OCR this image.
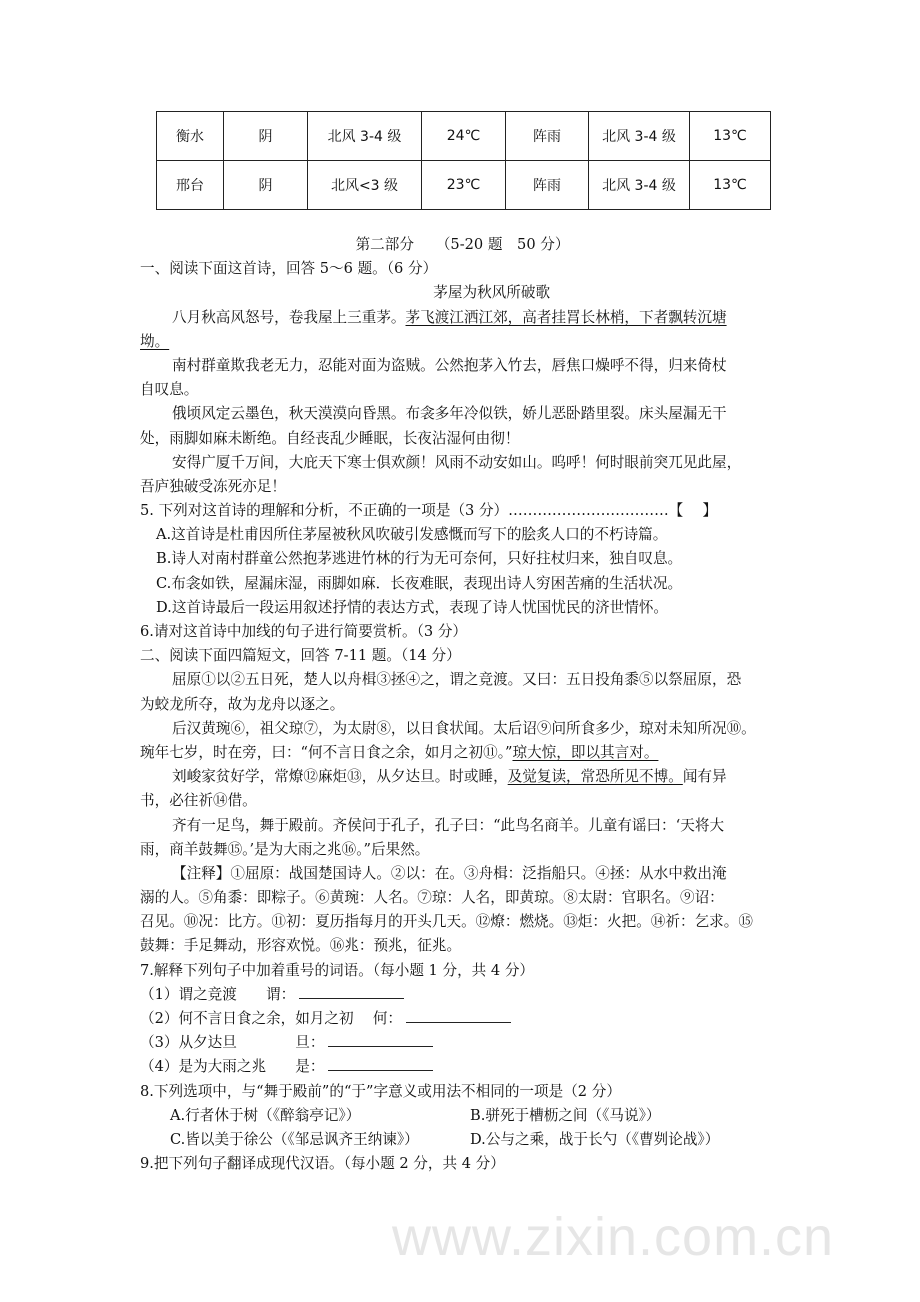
衡水	阴	北风 3-4 级	24℃	阵雨	北风 3-4 级	13℃
邢台	阴	北风<3 级	23℃	阵雨	北风 3-4 级	13℃
www.zixin.com.cn
第二部分　　（5-20 题　50 分）
一、阅读下面这首诗，回答 5～6 题。（6 分）
　　　　茅屋为秋风所破歌
八月秋高风怒号，卷我屋上三重茅。茅飞渡江洒江郊，高者挂罥长林梢，下者飘转沉塘
坳。
南村群童欺我老无力，忍能对面为盗贼。公然抱茅入竹去，唇焦口燥呼不得，归来倚杖
自叹息。
俄顷风定云墨色，秋天漠漠向昏黑。布衾多年冷似铁，娇儿恶卧踏里裂。床头屋漏无干
处，雨脚如麻未断绝。自经丧乱少睡眠，长夜沾湿何由彻！
安得广厦千万间，大庇天下寒士俱欢颜！风雨不动安如山。呜呼！何时眼前突兀见此屋，
吾庐独破受冻死亦足！
5. 下列对这首诗的理解和分析，不正确的一项是（3 分）……………………………【　 】
A.这首诗是杜甫因所住茅屋被秋风吹破引发感慨而写下的脍炙人口的不朽诗篇。
B.诗人对南村群童公然抱茅逃进竹林的行为无可奈何，只好拄杖归来，独自叹息。
C.布衾如铁，屋漏床湿，雨脚如麻．长夜难眠，表现出诗人穷困苦痛的生活状况。
D.这首诗最后一段运用叙述抒情的表达方式，表现了诗人忧国忧民的济世情怀。
6.请对这首诗中加线的句子进行简要赏析。（3 分）
二、阅读下面四篇短文，回答 7-11 题。（14 分）
屈原①以②五日死，楚人以舟楫③拯④之，谓之竞渡。又曰：五日投角黍⑤以祭屈原，恐
为蛟龙所夺，故为龙舟以逐之。
后汉黄琬⑥，祖父琼⑦，为太尉⑧，以日食状闻。太后诏⑨问所食多少，琼对未知所况⑩。
琬年七岁，时在旁，曰：“何不言日食之余，如月之初⑪。”琼大惊，即以其言对。
刘峻家贫好学，常燎⑫麻炬⑬，从夕达旦。时或睡，及觉复读，常恐所见不博。闻有异
书，必往祈⑭借。
齐有一足鸟，舞于殿前。齐侯问于孔子，孔子曰：“此鸟名商羊。儿童有谣曰：‘天将大
雨，商羊鼓舞⑮。’是为大雨之兆⑯。”后果然。
【注释】①屈原：战国楚国诗人。②以：在。③舟楫：泛指船只。④拯：从水中救出淹
溺的人。⑤角黍：即粽子。⑥黄琬：人名。⑦琼：人名，即黄琼。⑧太尉：官职名。⑨诏：
召见。⑩况：比方。⑪初：夏历指每月的开头几天。⑫燎：燃烧。⑬炬：火把。⑭祈：乞求。⑮
鼓舞：手足舞动，形容欢悦。⑯兆：预兆，征兆。
7.解释下列句子中加着重号的词语。（每小题 1 分，共 4 分）
（1）谓之竞渡　　谓：
（2）何不言日食之余，如月之初　 何：
（3）从夕达旦　　　　旦：
（4）是为大雨之兆　　是：
8.下列选项中，与“舞于殿前”的“于”字意义或用法不相同的一项是（2 分）
A.行者休于树（《醉翁亭记》）	B.骈死于槽枥之间（《马说》）
C.皆以美于徐公（《邹忌讽齐王纳谏》）	D.公与之乘，战于长勺（《曹刿论战》）
9.把下列句子翻译成现代汉语。（每小题 2 分，共 4 分）
